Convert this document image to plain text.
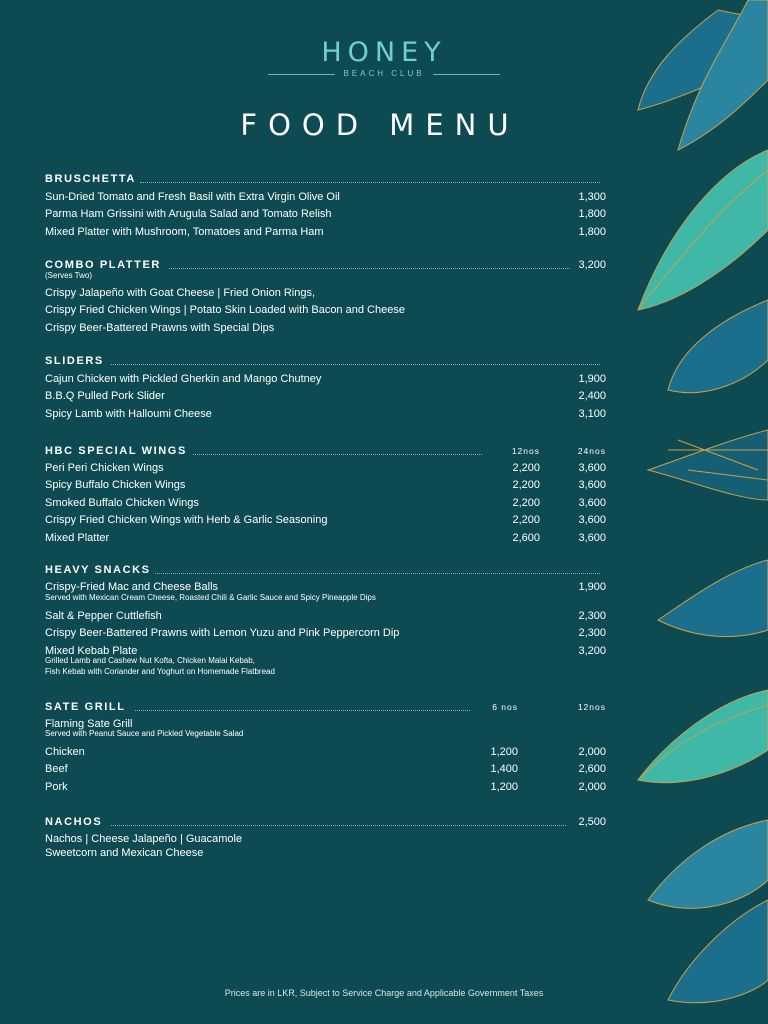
HONEY
BEACH CLUB
FOOD MENU
BRUSCHETTA
Sun-Dried Tomato and Fresh Basil with Extra Virgin Olive Oil	1,300
Parma Ham Grissini with Arugula Salad and Tomato Relish	1,800
Mixed Platter with Mushroom, Tomatoes and Parma Ham	1,800
COMBO PLATTER	3,200
(Serves Two)
Crispy Jalapeño with Goat Cheese | Fried Onion Rings,
Crispy Fried Chicken Wings | Potato Skin Loaded with Bacon and Cheese
Crispy Beer-Battered Prawns with Special Dips
SLIDERS
Cajun Chicken with Pickled Gherkin and Mango Chutney	1,900
B.B.Q Pulled Pork Slider	2,400
Spicy Lamb with Halloumi Cheese	3,100
HBC SPECIAL WINGS	12nos	24nos
Peri Peri Chicken Wings	2,200	3,600
Spicy Buffalo Chicken Wings	2,200	3,600
Smoked Buffalo Chicken Wings	2,200	3,600
Crispy Fried Chicken Wings with Herb & Garlic Seasoning	2,200	3,600
Mixed Platter	2,600	3,600
HEAVY SNACKS
Crispy-Fried Mac and Cheese Balls	1,900
Served with Mexican Cream Cheese, Roasted Chili & Garlic Sauce and Spicy Pineapple Dips
Salt & Pepper Cuttlefish	2,300
Crispy Beer-Battered Prawns with Lemon Yuzu and Pink Peppercorn Dip	2,300
Mixed Kebab Plate	3,200
Grilled Lamb and Cashew Nut Kofta, Chicken Malai Kebab,
Fish Kebab with Coriander and Yoghurt on Homemade Flatbread
SATE GRILL	6 nos	12nos
Flaming Sate Grill
Served with Peanut Sauce and Pickled Vegetable Salad
Chicken	1,200	2,000
Beef	1,400	2,600
Pork	1,200	2,000
NACHOS	2,500
Nachos | Cheese Jalapeño | Guacamole
Sweetcorn and Mexican Cheese
Prices are in LKR, Subject to Service Charge and Applicable Government Taxes
